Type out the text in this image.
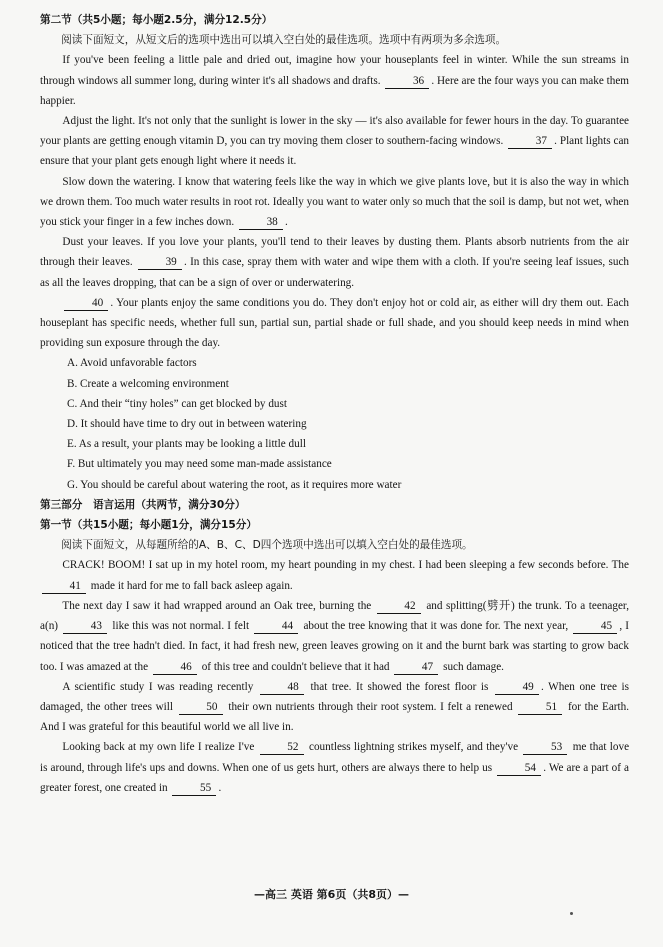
第二节（共5小题；每小题2.5分，满分12.5分）

阅读下面短文，从短文后的选项中选出可以填入空白处的最佳选项。选项中有两项为多余选项。

If you've been feeling a little pale and dried out, imagine how your houseplants feel in winter. While the sun streams in through windows all summer long, during winter it's all shadows and drafts.	36 . Here are the four ways you can make them happier.

Adjust the light. It's not only that the sunlight is lower in the sky — it's also available for fewer hours in the day. To guarantee your plants are getting enough vitamin D, you can try moving them closer to southern-facing windows.	37 . Plant lights can ensure that your plant gets enough light where it needs it.

Slow down the watering. I know that watering feels like the way in which we give plants love, but it is also the way in which we drown them. Too much water results in root rot. Ideally you want to water only so much that the soil is damp, but not wet, when you stick your finger in a few inches down.	38 .

Dust your leaves. If you love your plants, you'll tend to their leaves by dusting them. Plants absorb nutrients from the air through their leaves.	39 . In this case, spray them with water and wipe them with a cloth. If you're seeing leaf issues, such as all the leaves dropping, that can be a sign of over or underwatering.

40 . Your plants enjoy the same conditions you do. They don't enjoy hot or cold air, as either will dry them out. Each houseplant has specific needs, whether full sun, partial sun, partial shade or full shade, and you should keep needs in mind when providing sun exposure through the day.

A. Avoid unfavorable factors

B. Create a welcoming environment

C. And their “tiny holes” can get blocked by dust

D. It should have time to dry out in between watering

E. As a result, your plants may be looking a little dull

F. But ultimately you may need some man-made assistance

G. You should be careful about watering the root, as it requires more water

第三部分　语言运用（共两节，满分30分）

第一节（共15小题；每小题1分，满分15分）

阅读下面短文，从每题所给的A、B、C、D四个选项中选出可以填入空白处的最佳选项。

CRACK! BOOM! I sat up in my hotel room, my heart pounding in my chest. I had been sleeping a few seconds before. The 41 made it hard for me to fall back asleep again.

The next day I saw it had wrapped around an Oak tree, burning the	42 and splitting(劈开) the trunk. To a teenager, a(n)	43 like this was not normal. I felt	44 about the tree knowing that it was done for. The next year,	45 , I noticed that the tree hadn't died. In fact, it had fresh new, green leaves growing on it and the burnt bark was starting to grow back too. I was amazed at the	46 of this tree and couldn't believe that it had	47 such damage.

A scientific study I was reading recently	48 that tree. It showed the forest floor is	49 . When one tree is damaged, the other trees will	50 their own nutrients through their root system. I felt a renewed	51 for the Earth. And I was grateful for this beautiful world we all live in.

Looking back at my own life I realize I've	52 countless lightning strikes myself, and they've	53 me that love is around, through life's ups and downs. When one of us gets hurt, others are always there to help us	54 . We are a part of a greater forest, one created in	55 .

—高三 英语 第6页（共8页）—
